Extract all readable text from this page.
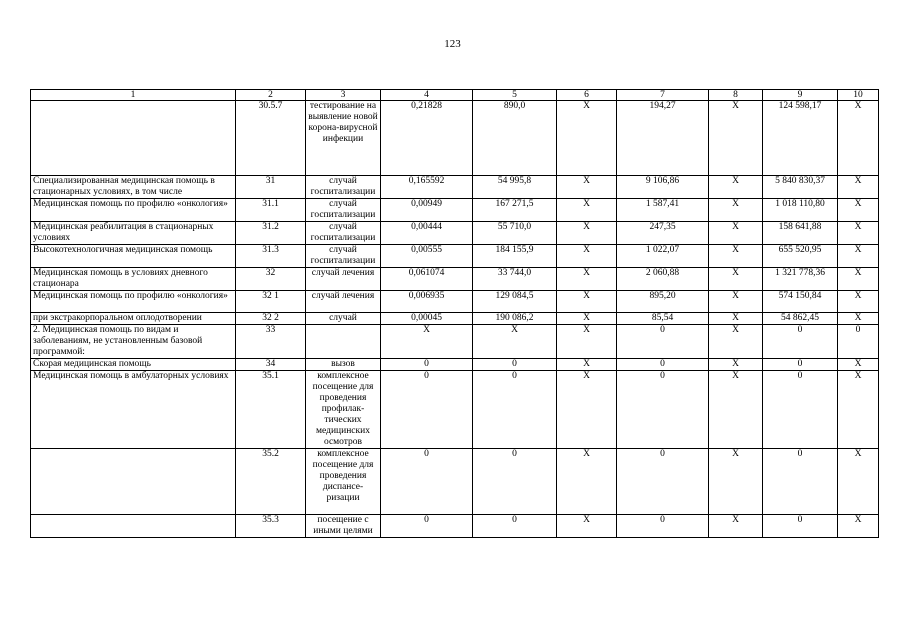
123
1	2	3	4	5	6	7	8	9	10
	30.5.7	тестирование на выявление новой корона-вирусной инфекции	0,21828	890,0	X	194,27	X	124 598,17	X
Специализированная медицинская помощь в стационарных условиях, в том числе	31	случай госпитализации	0,165592	54 995,8	X	9 106,86	X	5 840 830,37	X
Медицинская помощь по профилю «онкология»	31.1	случай госпитализации	0,00949	167 271,5	X	1 587,41	X	1 018 110,80	X
Медицинская реабилитация в стационарных условиях	31.2	случай госпитализации	0,00444	55 710,0	X	247,35	X	158 641,88	X
Высокотехнологичная медицинская помощь	31.3	случай госпитализации	0,00555	184 155,9	X	1 022,07	X	655 520,95	X
Медицинская помощь в условиях дневного стационара	32	случай лечения	0,061074	33 744,0	X	2 060,88	X	1 321 778,36	X
Медицинская помощь по профилю «онкология»	32 1	случай лечения	0,006935	129 084,5	X	895,20	X	574 150,84	X
при экстракорпоральном оплодотворении	32 2	случай	0,00045	190 086,2	X	85,54	X	54 862,45	X
2. Медицинская помощь по видам и заболеваниям, не установленным базовой программой:	33		X	X	X	0	X	0	0
Скорая медицинская помощь	34	вызов	0	0	X	0	X	0	X
Медицинская помощь в амбулаторных условиях	35.1	комплексное посещение для проведения профилак-тических медицинских осмотров	0	0	X	0	X	0	X
	35.2	комплексное посещение для проведения диспансе-ризации	0	0	X	0	X	0	X
	35.3	посещение с иными целями	0	0	X	0	X	0	X
